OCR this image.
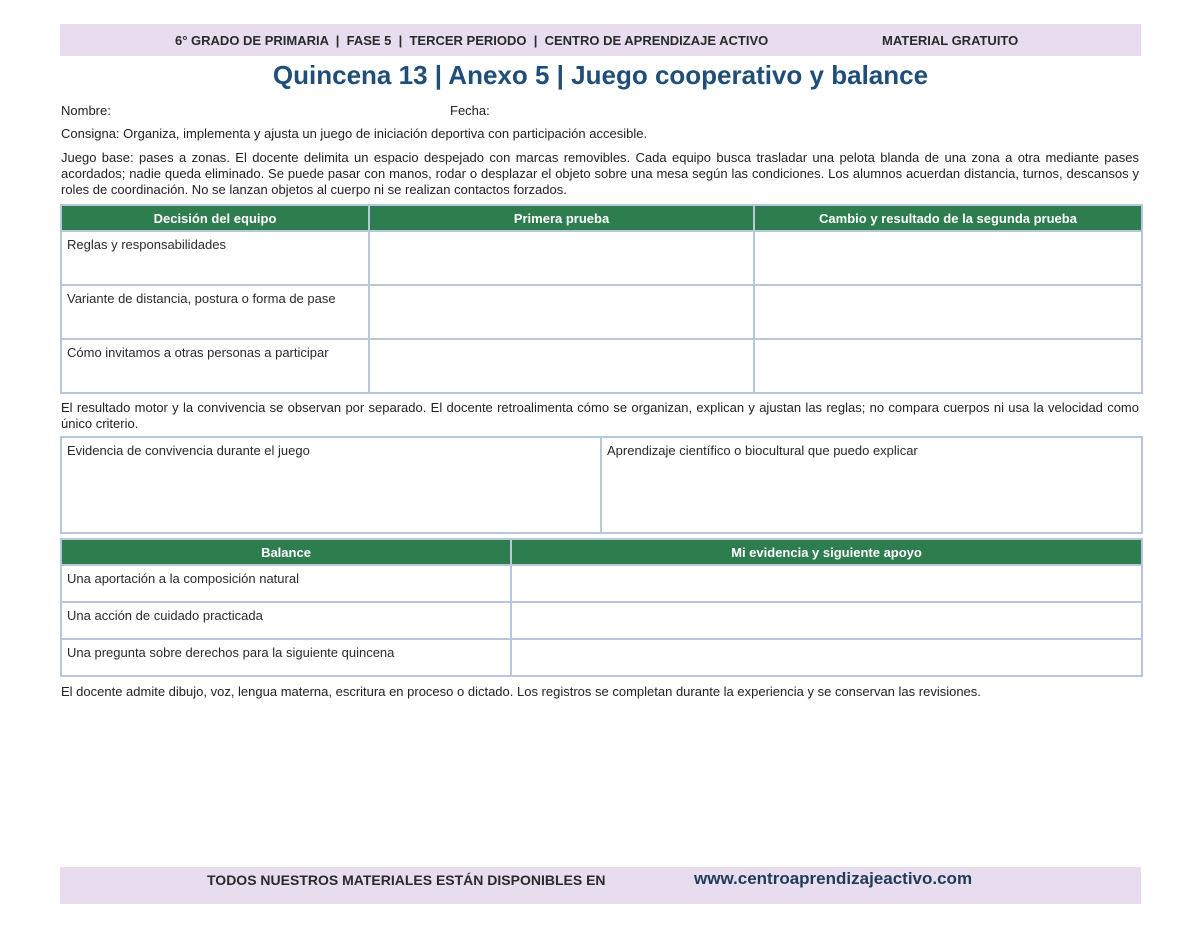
6° GRADO DE PRIMARIA  |  FASE 5  |  TERCER PERIODO  |  CENTRO DE APRENDIZAJE ACTIVO	MATERIAL GRATUITO
Quincena 13 | Anexo 5 | Juego cooperativo y balance
Nombre:	Fecha:

Consigna: Organiza, implementa y ajusta un juego de iniciación deportiva con participación accesible.

Juego base: pases a zonas. El docente delimita un espacio despejado con marcas removibles. Cada equipo busca trasladar una pelota blanda de una zona a otra mediante pases acordados; nadie queda eliminado. Se puede pasar con manos, rodar o desplazar el objeto sobre una mesa según las condiciones. Los alumnos acuerdan distancia, turnos, descansos y roles de coordinación. No se lanzan objetos al cuerpo ni se realizan contactos forzados.

Decisión del equipo	Primera prueba	Cambio y resultado de la segunda prueba
Reglas y responsabilidades		
Variante de distancia, postura o forma de pase		
Cómo invitamos a otras personas a participar		

El resultado motor y la convivencia se observan por separado. El docente retroalimenta cómo se organizan, explican y ajustan las reglas; no compara cuerpos ni usa la velocidad como único criterio.

Evidencia de convivencia durante el juego	Aprendizaje científico o biocultural que puedo explicar
Balance	Mi evidencia y siguiente apoyo
Una aportación a la composición natural	
Una acción de cuidado practicada	
Una pregunta sobre derechos para la siguiente quincena	

El docente admite dibujo, voz, lengua materna, escritura en proceso o dictado. Los registros se completan durante la experiencia y se conservan las revisiones.

TODOS NUESTROS MATERIALES ESTÁN DISPONIBLES EN	www.centroaprendizajeactivo.com
